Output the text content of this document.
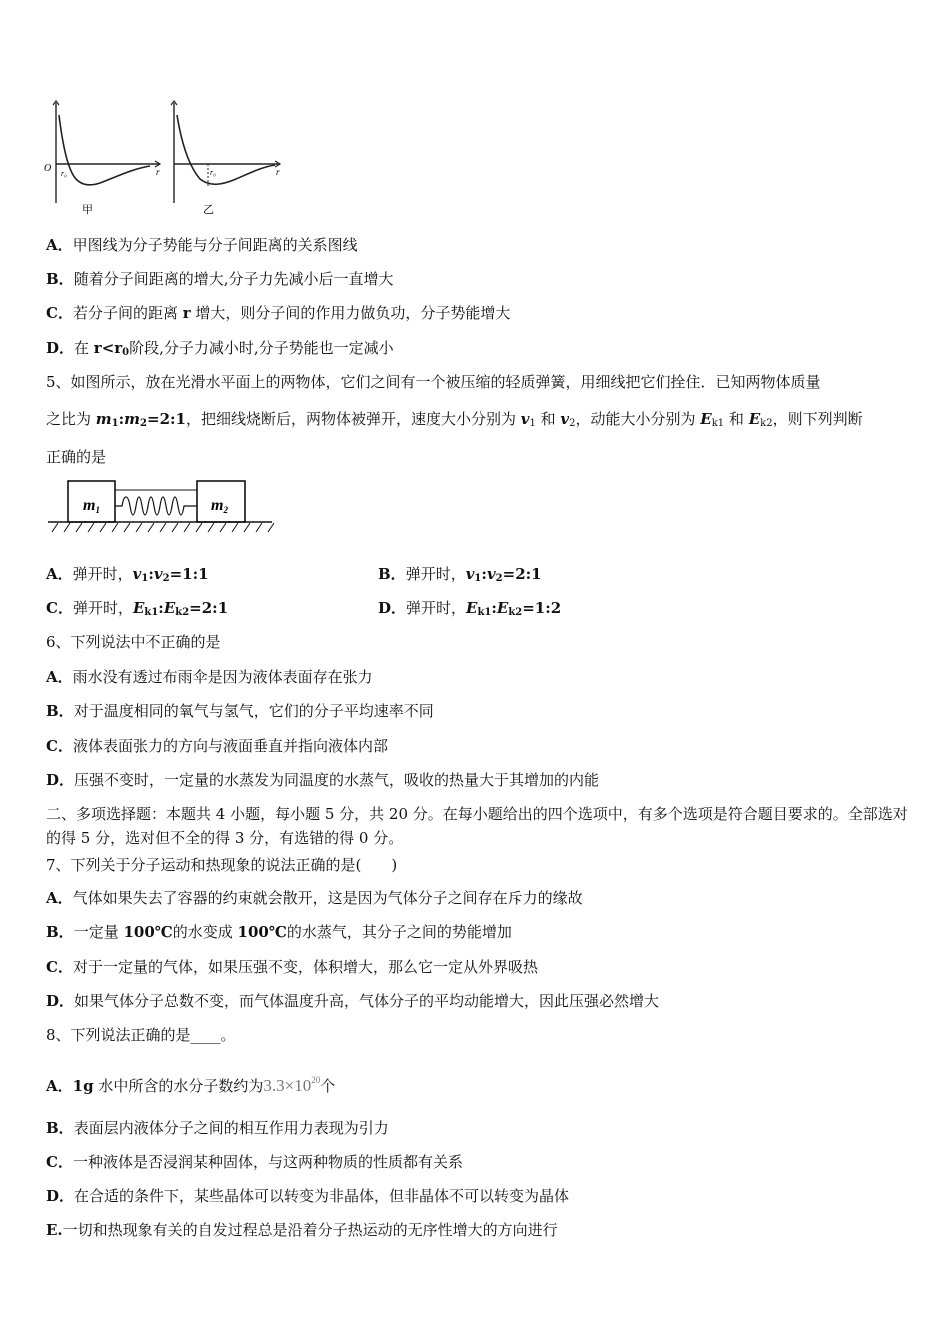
O r₀	r
甲
r₀	r
乙
A．甲图线为分子势能与分子间距离的关系图线
B．随着分子间距离的增大,分子力先减小后一直增大
C．若分子间的距离 r 增大，则分子间的作用力做负功，分子势能增大
D．在 $r<r_0$阶段,分子力减小时,分子势能也一定减小
5、如图所示，放在光滑水平面上的两物体，它们之间有一个被压缩的轻质弹簧，用细线把它们拴住．已知两物体质量
之比为 $m_1:m_2=2:1$，把细线烧断后，两物体被弹开，速度大小分别为 $v_1$ 和 $v_2$，动能大小分别为 $E_{k1}$ 和 $E_{k2}$，则下列判断
正确的是
m1	m2
A．弹开时，$v_1:v_2=1:1$	B．弹开时，$v_1:v_2=2:1$
C．弹开时，$E_{k1}:E_{k2}=2:1$	D．弹开时，$E_{k1}:E_{k2}=1:2$
6、下列说法中不正确的是
A．雨水没有透过布雨伞是因为液体表面存在张力
B．对于温度相同的氧气与氢气，它们的分子平均速率不同
C．液体表面张力的方向与液面垂直并指向液体内部
D．压强不变时，一定量的水蒸发为同温度的水蒸气，吸收的热量大于其增加的内能
二、多项选择题：本题共 4 小题，每小题 5 分，共 20 分。在每小题给出的四个选项中，有多个选项是符合题目要求的。全部选对的得 5 分，选对但不全的得 3 分，有选错的得 0 分。
7、下列关于分子运动和热现象的说法正确的是(　　)
A．气体如果失去了容器的约束就会散开，这是因为气体分子之间存在斥力的缘故
B．一定量 100℃的水变成 100℃的水蒸气，其分子之间的势能增加
C．对于一定量的气体，如果压强不变，体积增大，那么它一定从外界吸热
D．如果气体分子总数不变，而气体温度升高，气体分子的平均动能增大，因此压强必然增大
8、下列说法正确的是____。
A．1g 水中所含的水分子数约为$3.3\times 10^{20}$个
B．表面层内液体分子之间的相互作用力表现为引力
C．一种液体是否浸润某种固体，与这两种物质的性质都有关系
D．在合适的条件下，某些晶体可以转变为非晶体，但非晶体不可以转变为晶体
E.一切和热现象有关的自发过程总是沿着分子热运动的无序性增大的方向进行
